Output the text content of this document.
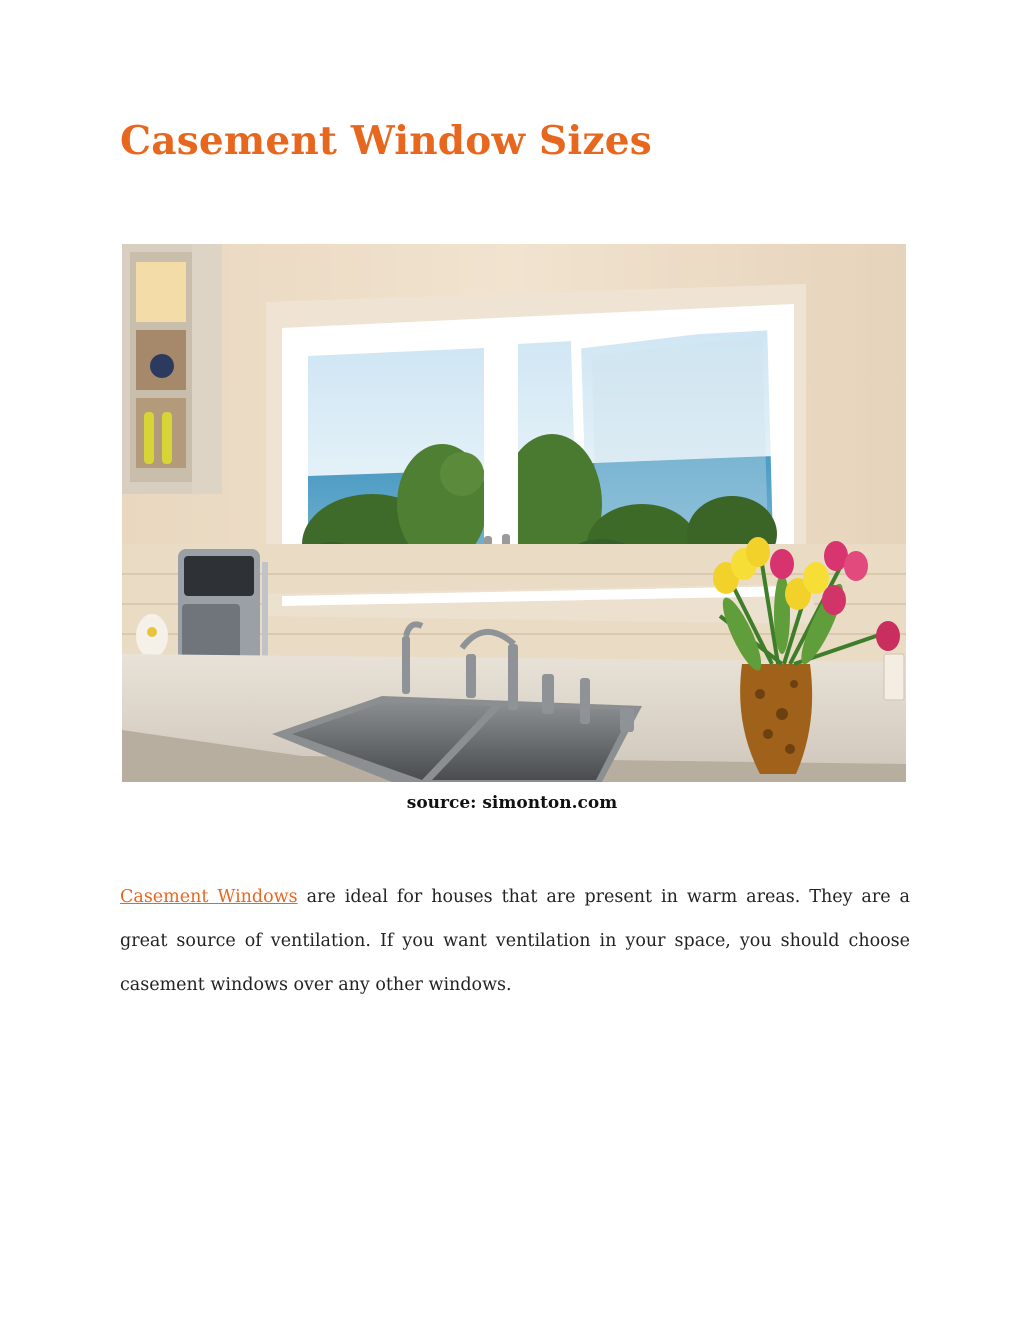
Casement Window Sizes
source: simonton.com

Casement Windows are ideal for houses that are present in warm areas. They are a great source of ventilation. If you want ventilation in your space, you should choose casement windows over any other windows.
